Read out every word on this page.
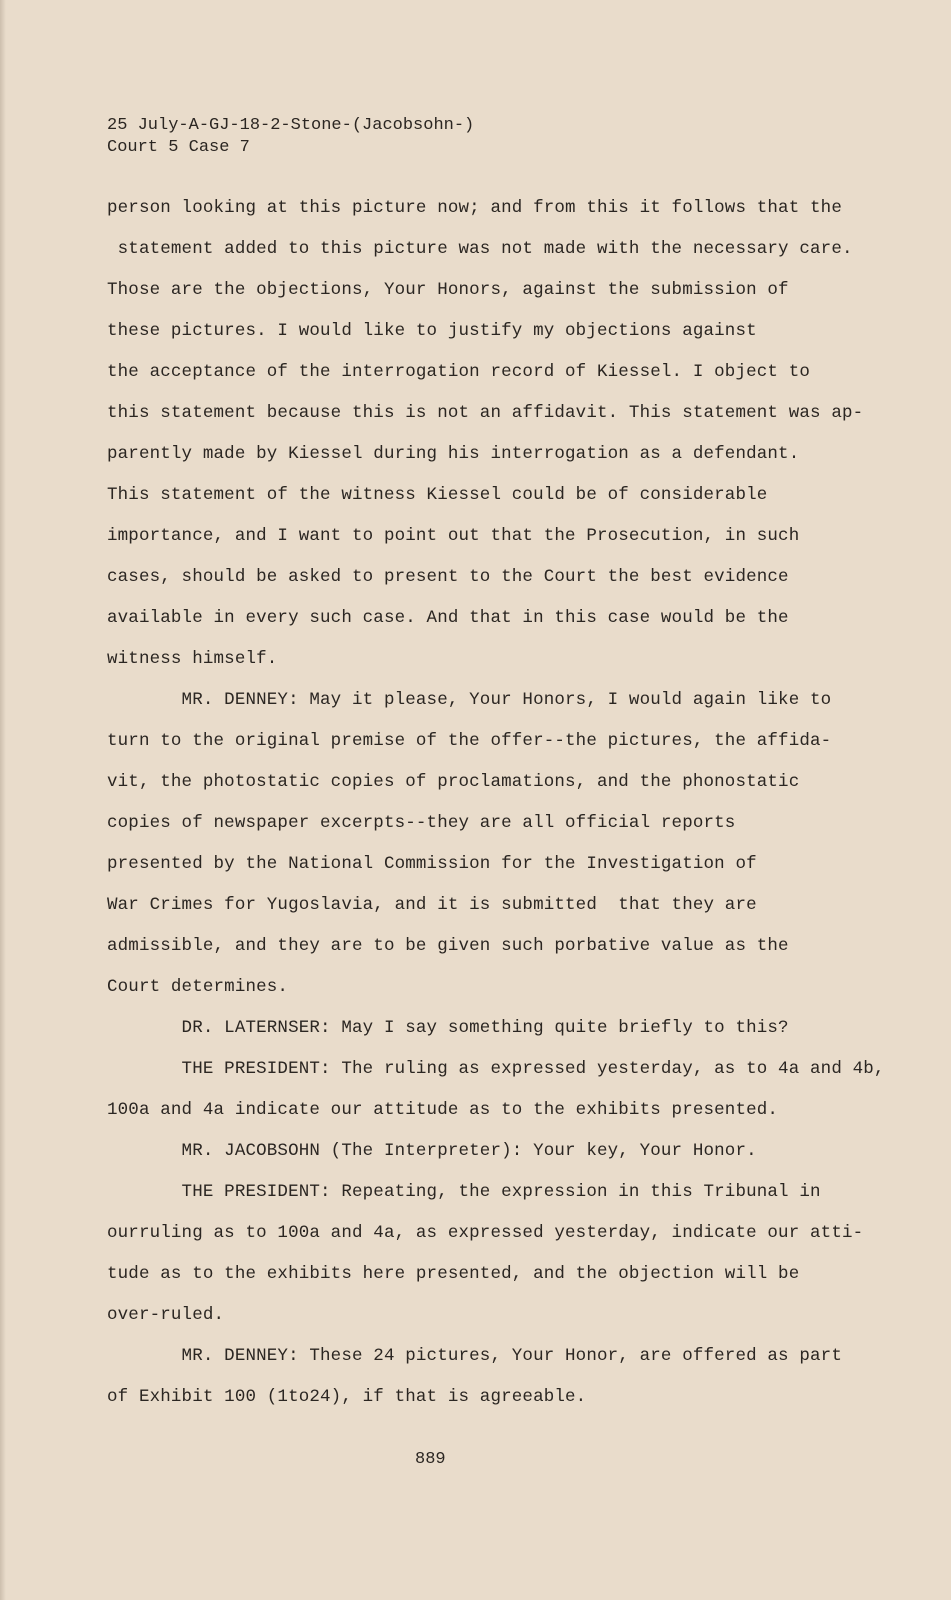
25 July-A-GJ-18-2-Stone-(Jacobsohn-)
Court 5 Case 7
person looking at this picture now; and from this it follows that the
statement added to this picture was not made with the necessary care.
Those are the objections, Your Honors, against the submission of
these pictures. I would like to justify my objections against
the acceptance of the interrogation record of Kiessel. I object to
this statement because this is not an affidavit. This statement was ap-
parently made by Kiessel during his interrogation as a defendant.
This statement of the witness Kiessel could be of considerable
importance, and I want to point out that the Prosecution, in such
cases, should be asked to present to the Court the best evidence
available in every such case. And that in this case would be the
witness himself.
MR. DENNEY: May it please, Your Honors, I would again like to
turn to the original premise of the offer--the pictures, the affida-
vit, the photostatic copies of proclamations, and the phonostatic
copies of newspaper excerpts--they are all official reports
presented by the National Commission for the Investigation of
War Crimes for Yugoslavia, and it is submitted  that they are
admissible, and they are to be given such porbative value as the
Court determines.
DR. LATERNSER: May I say something quite briefly to this?
THE PRESIDENT: The ruling as expressed yesterday, as to 4a and 4b,
100a and 4a indicate our attitude as to the exhibits presented.
MR. JACOBSOHN (The Interpreter): Your key, Your Honor.
THE PRESIDENT: Repeating, the expression in this Tribunal in
ourruling as to 100a and 4a, as expressed yesterday, indicate our atti-
tude as to the exhibits here presented, and the objection will be
over-ruled.
MR. DENNEY: These 24 pictures, Your Honor, are offered as part
of Exhibit 100 (1to24), if that is agreeable.
889
